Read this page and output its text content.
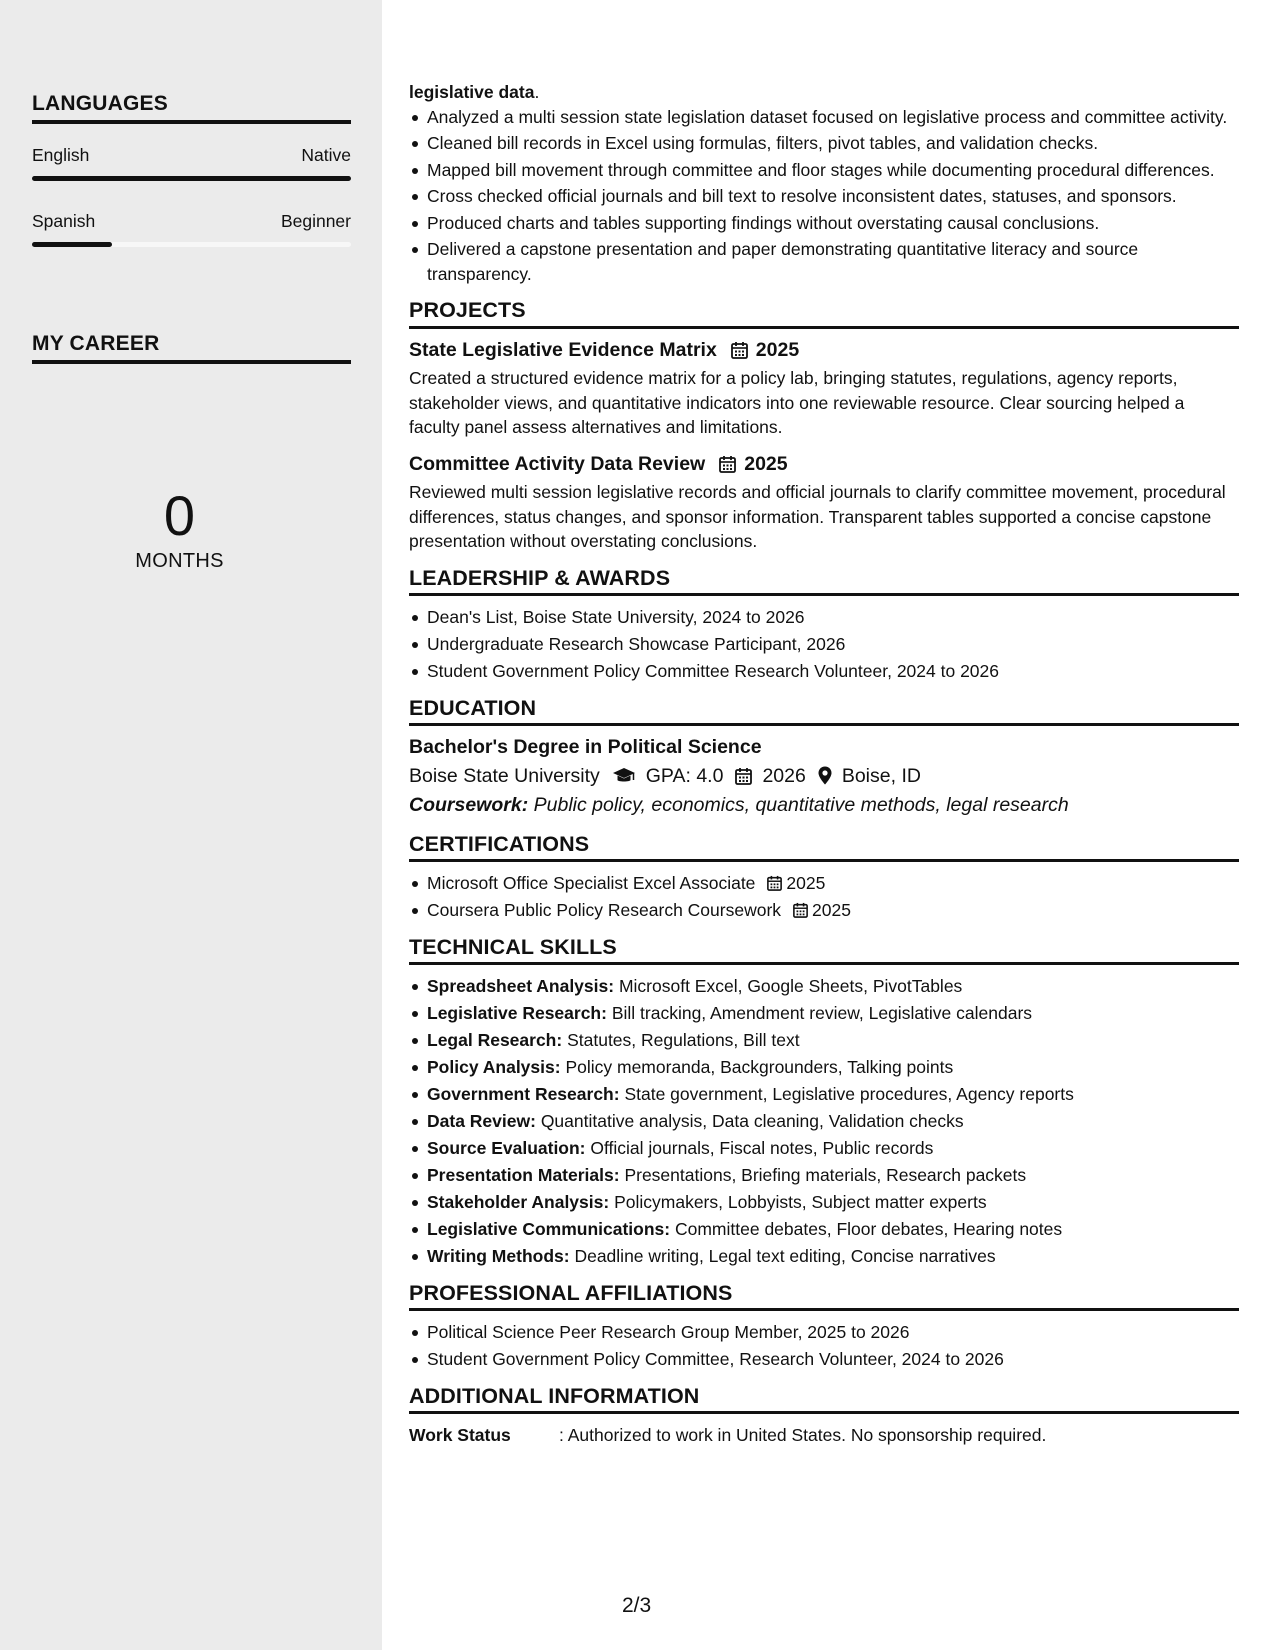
LANGUAGES
English	Native
Spanish	Beginner
MY CAREER
0
MONTHS
legislative data.
Analyzed a multi session state legislation dataset focused on legislative process and committee activity.
Cleaned bill records in Excel using formulas, filters, pivot tables, and validation checks.
Mapped bill movement through committee and floor stages while documenting procedural differences.
Cross checked official journals and bill text to resolve inconsistent dates, statuses, and sponsors.
Produced charts and tables supporting findings without overstating causal conclusions.
Delivered a capstone presentation and paper demonstrating quantitative literacy and source transparency.
PROJECTS
State Legislative Evidence Matrix 2025
Created a structured evidence matrix for a policy lab, bringing statutes, regulations, agency reports, stakeholder views, and quantitative indicators into one reviewable resource. Clear sourcing helped a faculty panel assess alternatives and limitations.
Committee Activity Data Review 2025
Reviewed multi session legislative records and official journals to clarify committee movement, procedural differences, status changes, and sponsor information. Transparent tables supported a concise capstone presentation without overstating conclusions.
LEADERSHIP & AWARDS
Dean's List, Boise State University, 2024 to 2026
Undergraduate Research Showcase Participant, 2026
Student Government Policy Committee Research Volunteer, 2024 to 2026
EDUCATION
Bachelor's Degree in Political Science
Boise State University GPA: 4.0 2026 Boise, ID
Coursework: Public policy, economics, quantitative methods, legal research
CERTIFICATIONS
Microsoft Office Specialist Excel Associate 2025
Coursera Public Policy Research Coursework 2025
TECHNICAL SKILLS
Spreadsheet Analysis: Microsoft Excel, Google Sheets, PivotTables
Legislative Research: Bill tracking, Amendment review, Legislative calendars
Legal Research: Statutes, Regulations, Bill text
Policy Analysis: Policy memoranda, Backgrounders, Talking points
Government Research: State government, Legislative procedures, Agency reports
Data Review: Quantitative analysis, Data cleaning, Validation checks
Source Evaluation: Official journals, Fiscal notes, Public records
Presentation Materials: Presentations, Briefing materials, Research packets
Stakeholder Analysis: Policymakers, Lobbyists, Subject matter experts
Legislative Communications: Committee debates, Floor debates, Hearing notes
Writing Methods: Deadline writing, Legal text editing, Concise narratives
PROFESSIONAL AFFILIATIONS
Political Science Peer Research Group Member, 2025 to 2026
Student Government Policy Committee, Research Volunteer, 2024 to 2026
ADDITIONAL INFORMATION
Work Status	: Authorized to work in United States. No sponsorship required.
2/3
